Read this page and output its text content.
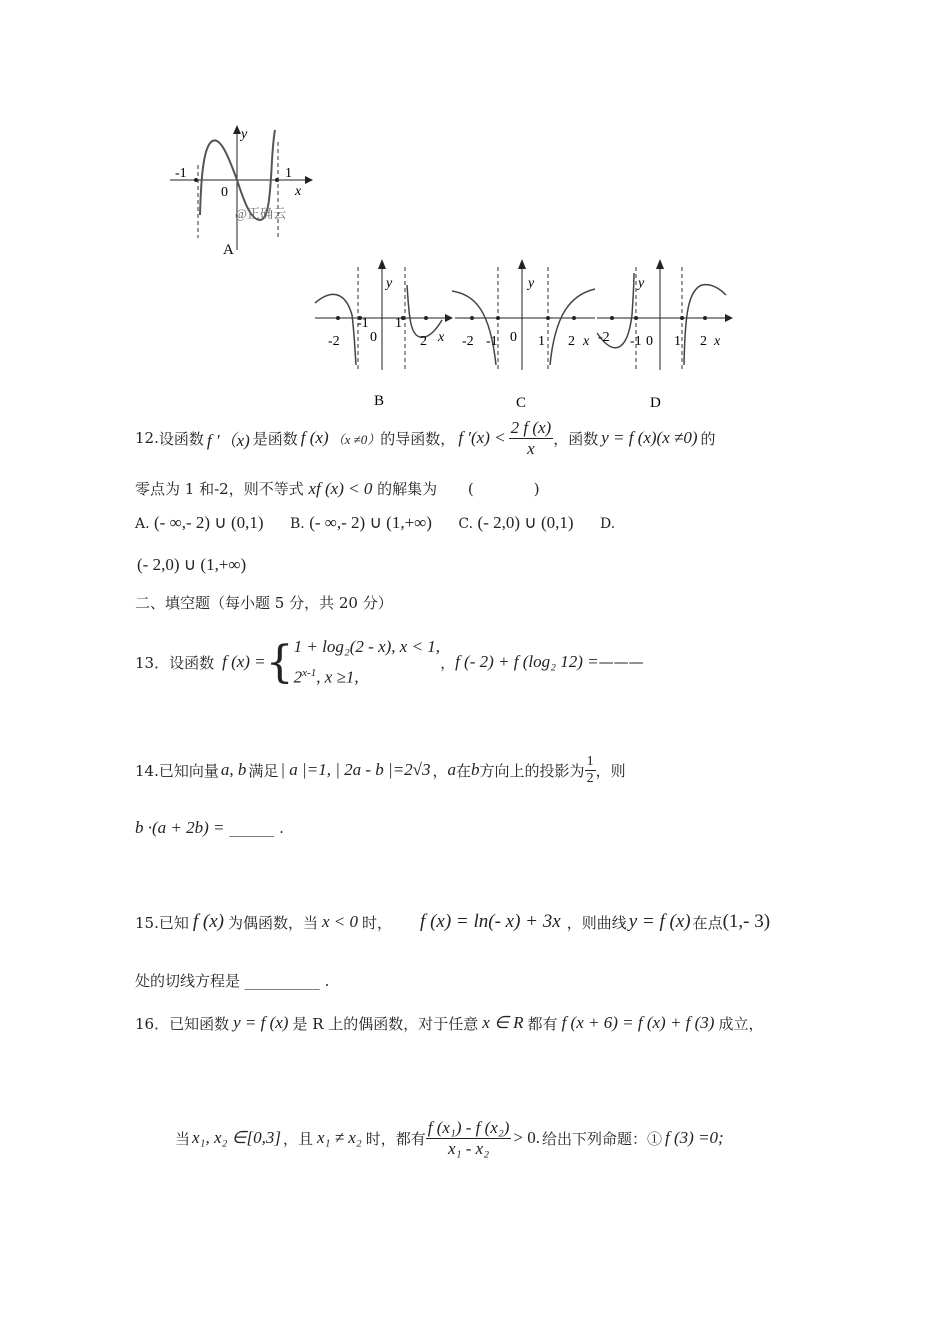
y
x
-1
0
1
@正确云
A
y
x
-2
-1
0
1
2
B
y
x
-2 -1 0 1 2
C
y
x
-2 -1 0 1 2
D
12. 设函数 f ′（x) 是函数 f (x) （x ≠0） 的导函数， f $'(x) < \frac{2 f (x)}{x}$ ，函数 y = f (x)(x ≠0) 的
零点为 1 和-2，则不等式 xf (x) < 0 的解集为 (　　　　)
A. (- ∞,- 2) ∪ (0,1) B. (- ∞,- 2) ∪ (1,+∞) C. (- 2,0) ∪ (0,1) D.
(- 2,0) ∪ (1,+∞)
二、填空题（每小题 5 分，共 20 分）
13．设函数 f (x) = { 1 + log₂(2 - x), x < 1,
2$^{x-1}$, x ≥1,
， f (- 2) + f (log₂ 12) = ———
14.已知向量 a, b 满足 | a |=1, | 2a - b |=2√3 ， a 在 b 方向上的投影为 $\frac{1}{2}$ ，则
b ·(a + 2b) = ______ .
15.已知 f (x) 为偶函数，当 x < 0 时， f (x) = ln(- x) + 3x ，则曲线 y = f (x) 在点 (1,- 3)
处的切线方程是 __________ .
16．已知函数 y = f (x) 是 R 上的偶函数，对于任意 x ∈ R 都有 f (x + 6) = f (x) + f (3) 成立，
当 x₁, x₂ ∈[0,3] ，且 x₁ ≠ x₂ 时，都有 $\frac{\text{f (x₁) - f (x₂)}}{\text{x₁ - x₂}} > 0$. 给出下列命题：① f (3) =0;
